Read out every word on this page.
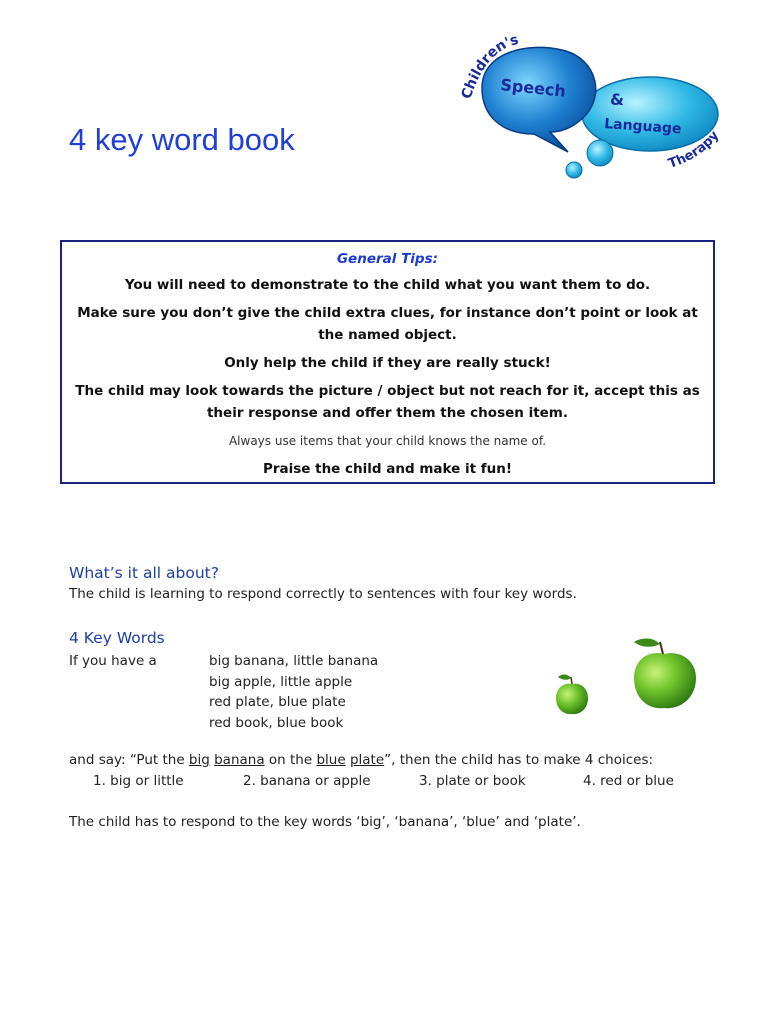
4 key word book
Children's
Speech	&
Language
Therapy

General Tips:

You will need to demonstrate to the child what you want them to do.

Make sure you don’t give the child extra clues, for instance don’t point or look at the named object.

Only help the child if they are really stuck!

The child may look towards the picture / object but not reach for it, accept this as their response and offer them the chosen item.

Always use items that your child knows the name of.

Praise the child and make it fun!

What’s it all about?

The child is learning to respond correctly to sentences with four key words.

4 Key Words
If you have a	big banana, little banana
big apple, little apple
red plate, blue plate
red book, blue book

and say: “Put the big banana on the blue plate”, then the child has to make 4 choices:

1. big or little	2. banana or apple	3. plate or book	4. red or blue

The child has to respond to the key words ‘big’, ‘banana’, ‘blue’ and ‘plate’.
